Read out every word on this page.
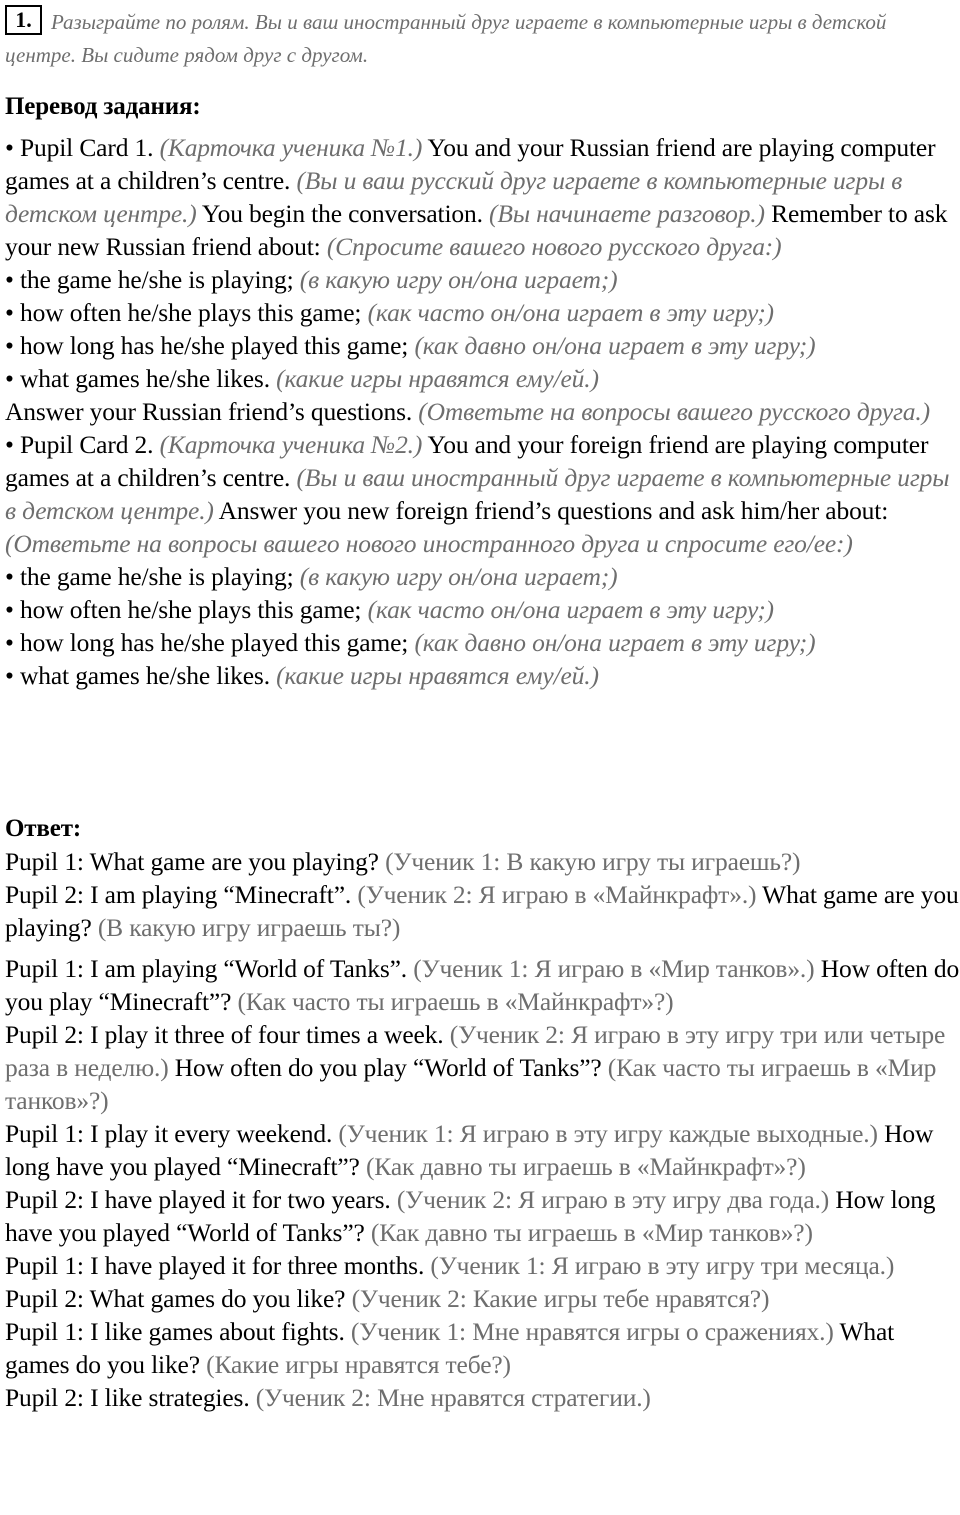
1. Разыграйте по ролям. Вы и ваш иностранный друг играете в компьютерные игры в детской центре. Вы сидите рядом друг с другом.

Перевод задания:

• Pupil Card 1. (Карточка ученика №1.) You and your Russian friend are playing computer games at a children’s centre. (Вы и ваш русский друг играете в компьютерные игры в детском центре.) You begin the conversation. (Вы начинаете разговор.) Remember to ask your new Russian friend about: (Спросите вашего нового русского друга:)

• the game he/she is playing; (в какую игру он/она играет;)

• how often he/she plays this game; (как часто он/она играет в эту игру;)

• how long has he/she played this game; (как давно он/она играет в эту игру;)

• what games he/she likes. (какие игры нравятся ему/ей.)

Answer your Russian friend’s questions. (Ответьте на вопросы вашего русского друга.)

• Pupil Card 2. (Карточка ученика №2.) You and your foreign friend are playing computer games at a children’s centre. (Вы и ваш иностранный друг играете в компьютерные игры в детском центре.) Answer you new foreign friend’s questions and ask him/her about: (Ответьте на вопросы вашего нового иностранного друга и спросите его/ее:)

• the game he/she is playing; (в какую игру он/она играет;)

• how often he/she plays this game; (как часто он/она играет в эту игру;)

• how long has he/she played this game; (как давно он/она играет в эту игру;)

• what games he/she likes. (какие игры нравятся ему/ей.)

Ответ:

Pupil 1: What game are you playing? (Ученик 1: В какую игру ты играешь?)

Pupil 2: I am playing “Minecraft”. (Ученик 2: Я играю в «Майнкрафт».) What game are you playing? (В какую игру играешь ты?)

Pupil 1: I am playing “World of Tanks”. (Ученик 1: Я играю в «Мир танков».) How often do you play “Minecraft”? (Как часто ты играешь в «Майнкрафт»?)

Pupil 2: I play it three of four times a week. (Ученик 2: Я играю в эту игру три или четыре раза в неделю.) How often do you play “World of Tanks”? (Как часто ты играешь в «Мир танков»?)

Pupil 1: I play it every weekend. (Ученик 1: Я играю в эту игру каждые выходные.) How long have you played “Minecraft”? (Как давно ты играешь в «Майнкрафт»?)

Pupil 2: I have played it for two years. (Ученик 2: Я играю в эту игру два года.) How long have you played “World of Tanks”? (Как давно ты играешь в «Мир танков»?)

Pupil 1: I have played it for three months. (Ученик 1: Я играю в эту игру три месяца.)

Pupil 2: What games do you like? (Ученик 2: Какие игры тебе нравятся?)

Pupil 1: I like games about fights. (Ученик 1: Мне нравятся игры о сражениях.) What games do you like? (Какие игры нравятся тебе?)

Pupil 2: I like strategies. (Ученик 2: Мне нравятся стратегии.)
